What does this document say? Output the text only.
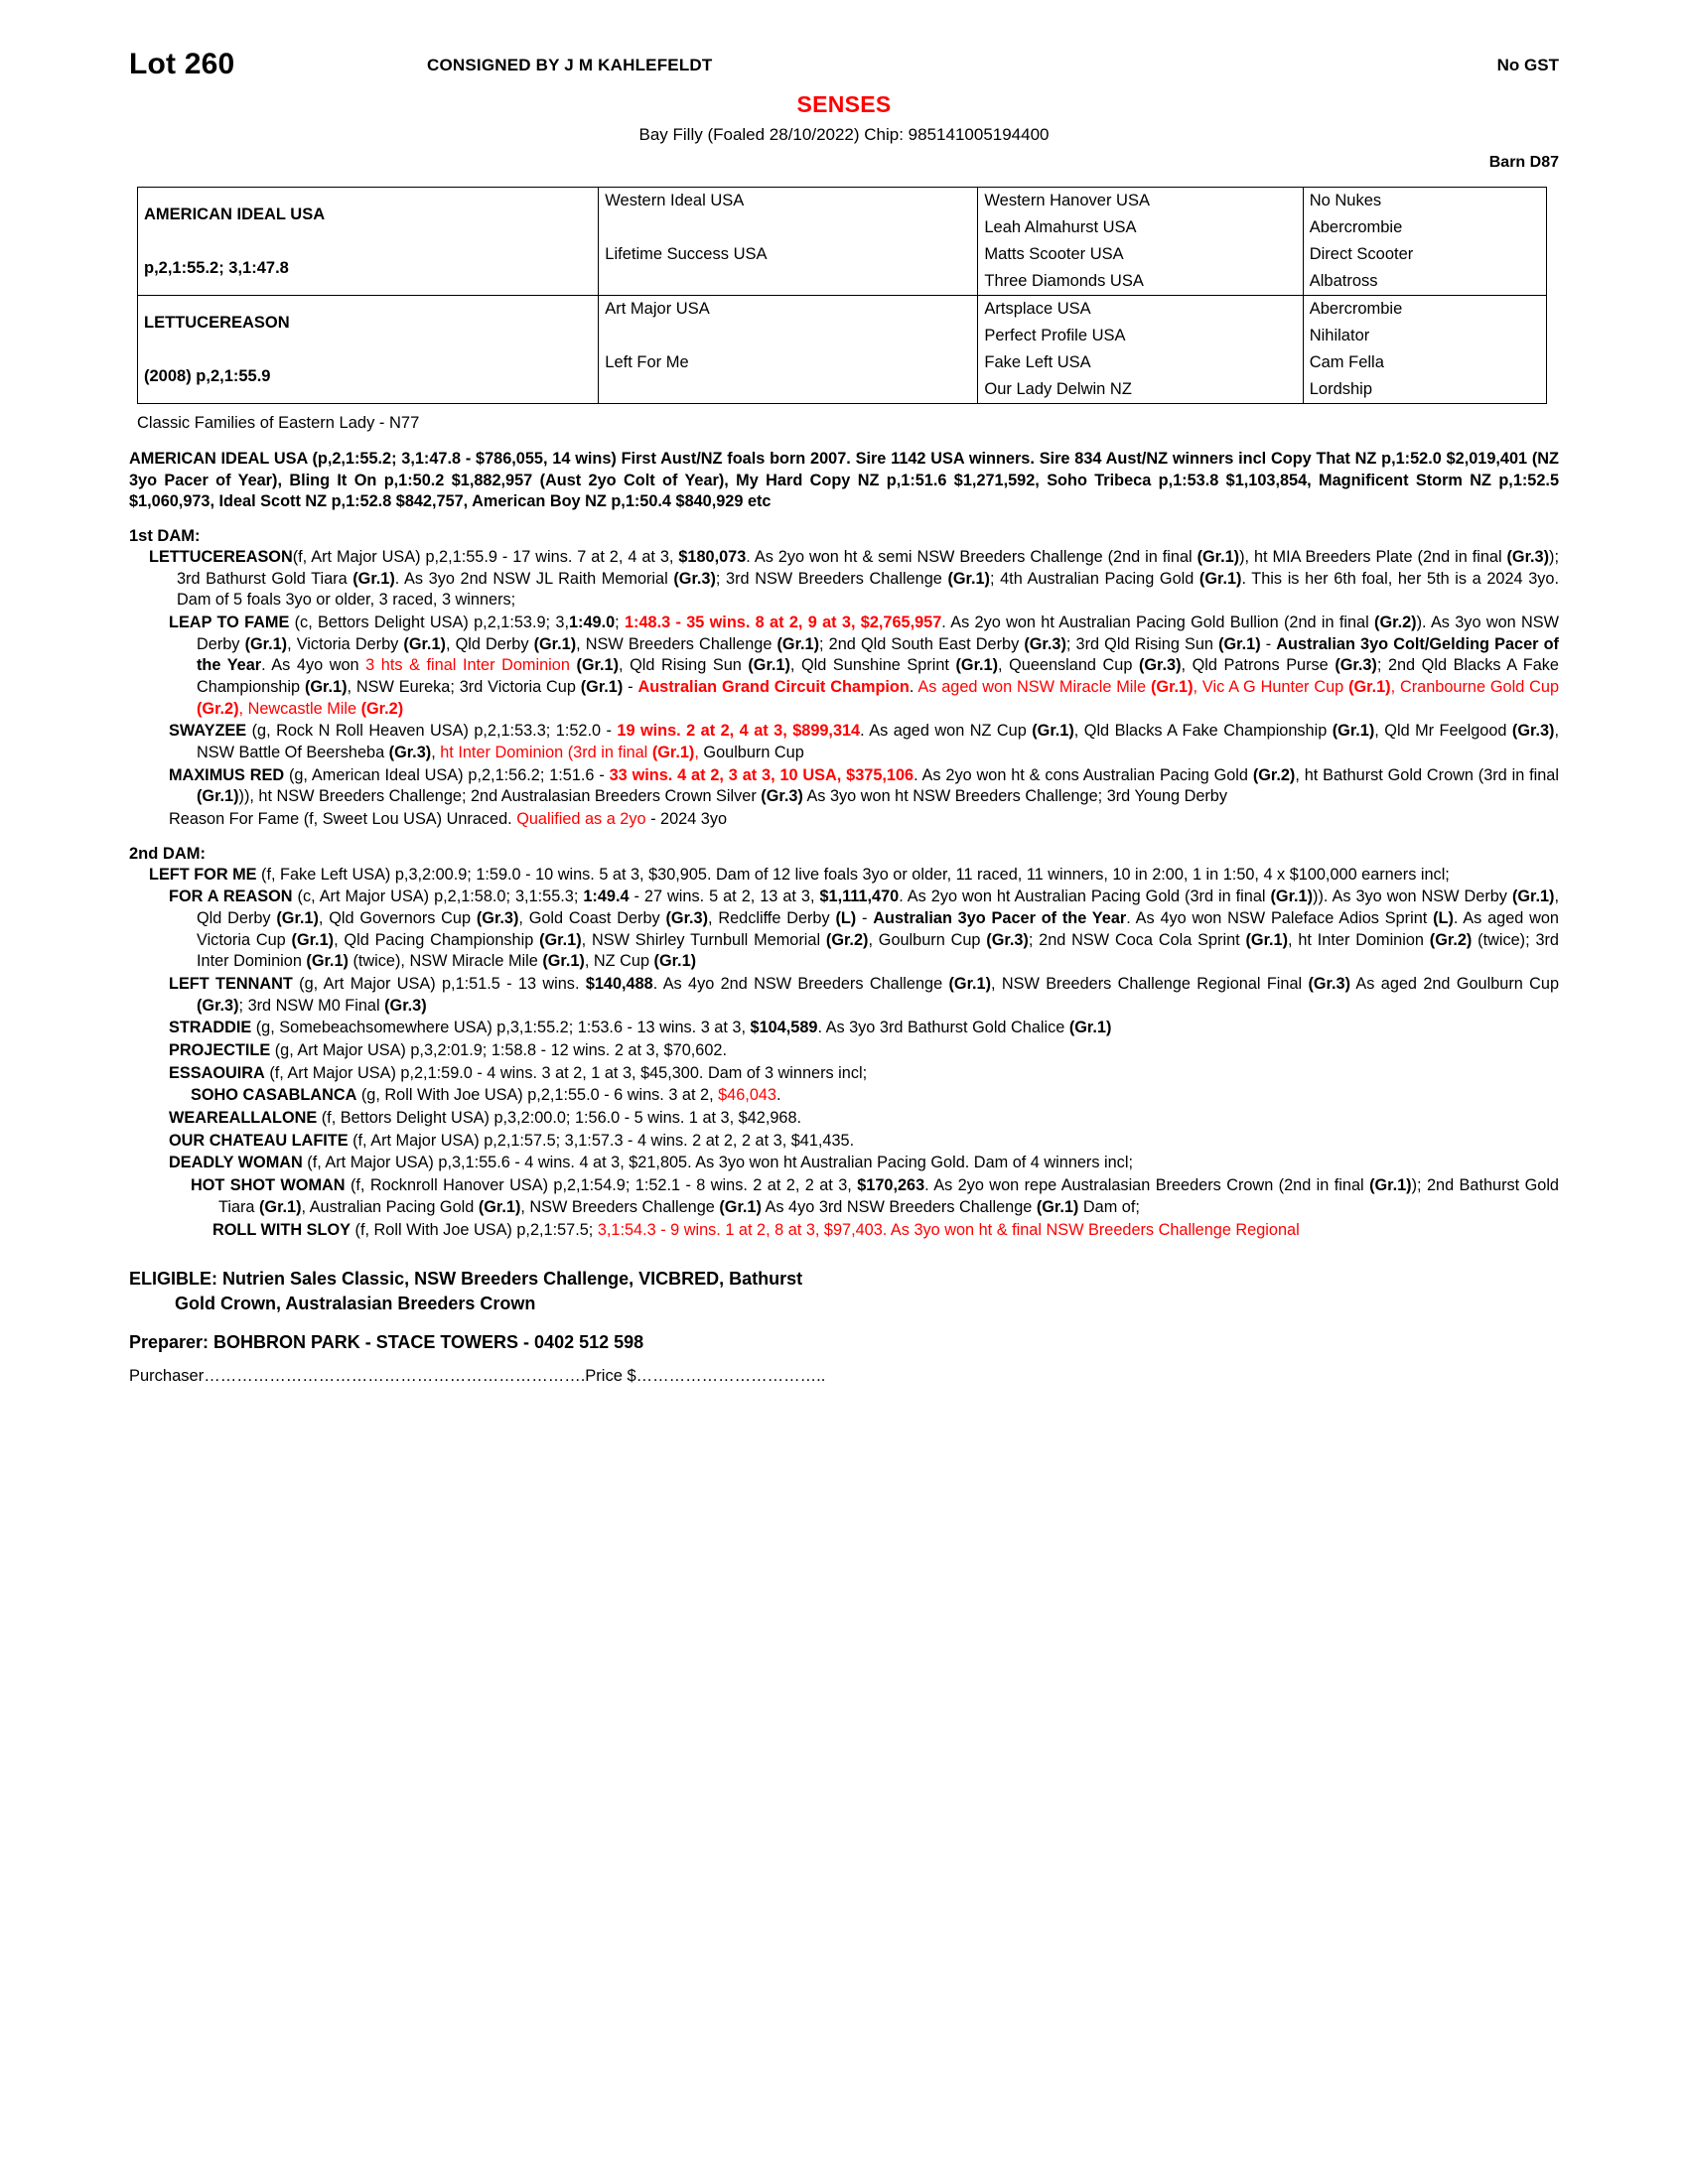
Lot 260	CONSIGNED BY J M KAHLEFELDT	No GST
SENSES
Bay Filly (Foaled 28/10/2022) Chip: 985141005194400
Barn D87
AMERICAN IDEAL USA	Western Ideal USA	Western Hanover USA	No Nukes
		Leah Almahurst USA	Abercrombie

p,2,1:55.2; 3,1:47.8	Lifetime Success USA	Matts Scooter USA	Direct Scooter
		Three Diamonds USA	Albatross

LETTUCEREASON	Art Major USA	Artsplace USA	Abercrombie
		Perfect Profile USA	Nihilator

(2008) p,2,1:55.9	Left For Me	Fake Left USA	Cam Fella
		Our Lady Delwin NZ	Lordship
Classic Families of Eastern Lady - N77
AMERICAN IDEAL USA (p,2,1:55.2; 3,1:47.8 - $786,055, 14 wins) First Aust/NZ foals born 2007. Sire 1142 USA winners. Sire 834 Aust/NZ winners incl Copy That NZ p,1:52.0 $2,019,401 (NZ 3yo Pacer of Year), Bling It On p,1:50.2 $1,882,957 (Aust 2yo Colt of Year), My Hard Copy NZ p,1:51.6 $1,271,592, Soho Tribeca p,1:53.8 $1,103,854, Magnificent Storm NZ p,1:52.5 $1,060,973, Ideal Scott NZ p,1:52.8 $842,757, American Boy NZ p,1:50.4 $840,929 etc
1st DAM:
LETTUCEREASON(f, Art Major USA) p,2,1:55.9 - 17 wins. 7 at 2, 4 at 3, $180,073. As 2yo won ht & semi NSW Breeders Challenge (2nd in final (Gr.1)), ht MIA Breeders Plate (2nd in final (Gr.3)); 3rd Bathurst Gold Tiara (Gr.1). As 3yo 2nd NSW JL Raith Memorial (Gr.3); 3rd NSW Breeders Challenge (Gr.1); 4th Australian Pacing Gold (Gr.1). This is her 6th foal, her 5th is a 2024 3yo. Dam of 5 foals 3yo or older, 3 raced, 3 winners;
LEAP TO FAME (c, Bettors Delight USA) p,2,1:53.9; 3,1:49.0; 1:48.3 - 35 wins. 8 at 2, 9 at 3, $2,765,957. As 2yo won ht Australian Pacing Gold Bullion (2nd in final (Gr.2)). As 3yo won NSW Derby (Gr.1), Victoria Derby (Gr.1), Qld Derby (Gr.1), NSW Breeders Challenge (Gr.1); 2nd Qld South East Derby (Gr.3); 3rd Qld Rising Sun (Gr.1) - Australian 3yo Colt/Gelding Pacer of the Year. As 4yo won 3 hts & final Inter Dominion (Gr.1), Qld Rising Sun (Gr.1), Qld Sunshine Sprint (Gr.1), Queensland Cup (Gr.3), Qld Patrons Purse (Gr.3); 2nd Qld Blacks A Fake Championship (Gr.1), NSW Eureka; 3rd Victoria Cup (Gr.1) - Australian Grand Circuit Champion. As aged won NSW Miracle Mile (Gr.1), Vic A G Hunter Cup (Gr.1), Cranbourne Gold Cup (Gr.2), Newcastle Mile (Gr.2)
SWAYZEE (g, Rock N Roll Heaven USA) p,2,1:53.3; 1:52.0 - 19 wins. 2 at 2, 4 at 3, $899,314. As aged won NZ Cup (Gr.1), Qld Blacks A Fake Championship (Gr.1), Qld Mr Feelgood (Gr.3), NSW Battle Of Beersheba (Gr.3), ht Inter Dominion (3rd in final (Gr.1), Goulburn Cup
MAXIMUS RED (g, American Ideal USA) p,2,1:56.2; 1:51.6 - 33 wins. 4 at 2, 3 at 3, 10 USA, $375,106. As 2yo won ht & cons Australian Pacing Gold (Gr.2), ht Bathurst Gold Crown (3rd in final (Gr.1))), ht NSW Breeders Challenge; 2nd Australasian Breeders Crown Silver (Gr.3) As 3yo won ht NSW Breeders Challenge; 3rd Young Derby
Reason For Fame (f, Sweet Lou USA) Unraced. Qualified as a 2yo - 2024 3yo
2nd DAM:
LEFT FOR ME (f, Fake Left USA) p,3,2:00.9; 1:59.0 - 10 wins. 5 at 3, $30,905. Dam of 12 live foals 3yo or older, 11 raced, 11 winners, 10 in 2:00, 1 in 1:50, 4 x $100,000 earners incl;
FOR A REASON (c, Art Major USA) p,2,1:58.0; 3,1:55.3; 1:49.4 - 27 wins. 5 at 2, 13 at 3, $1,111,470. As 2yo won ht Australian Pacing Gold (3rd in final (Gr.1))). As 3yo won NSW Derby (Gr.1), Qld Derby (Gr.1), Qld Governors Cup (Gr.3), Gold Coast Derby (Gr.3), Redcliffe Derby (L) - Australian 3yo Pacer of the Year. As 4yo won NSW Paleface Adios Sprint (L). As aged won Victoria Cup (Gr.1), Qld Pacing Championship (Gr.1), NSW Shirley Turnbull Memorial (Gr.2), Goulburn Cup (Gr.3); 2nd NSW Coca Cola Sprint (Gr.1), ht Inter Dominion (Gr.2) (twice); 3rd Inter Dominion (Gr.1) (twice), NSW Miracle Mile (Gr.1), NZ Cup (Gr.1)
LEFT TENNANT (g, Art Major USA) p,1:51.5 - 13 wins. $140,488. As 4yo 2nd NSW Breeders Challenge (Gr.1), NSW Breeders Challenge Regional Final (Gr.3) As aged 2nd Goulburn Cup (Gr.3); 3rd NSW M0 Final (Gr.3)
STRADDIE (g, Somebeachsomewhere USA) p,3,1:55.2; 1:53.6 - 13 wins. 3 at 3, $104,589. As 3yo 3rd Bathurst Gold Chalice (Gr.1)
PROJECTILE (g, Art Major USA) p,3,2:01.9; 1:58.8 - 12 wins. 2 at 3, $70,602.
ESSAOUIRA (f, Art Major USA) p,2,1:59.0 - 4 wins. 3 at 2, 1 at 3, $45,300. Dam of 3 winners incl;
SOHO CASABLANCA (g, Roll With Joe USA) p,2,1:55.0 - 6 wins. 3 at 2, $46,043.
WEAREALLALONE (f, Bettors Delight USA) p,3,2:00.0; 1:56.0 - 5 wins. 1 at 3, $42,968.
OUR CHATEAU LAFITE (f, Art Major USA) p,2,1:57.5; 3,1:57.3 - 4 wins. 2 at 2, 2 at 3, $41,435.
DEADLY WOMAN (f, Art Major USA) p,3,1:55.6 - 4 wins. 4 at 3, $21,805. As 3yo won ht Australian Pacing Gold. Dam of 4 winners incl;
HOT SHOT WOMAN (f, Rocknroll Hanover USA) p,2,1:54.9; 1:52.1 - 8 wins. 2 at 2, 2 at 3, $170,263. As 2yo won repe Australasian Breeders Crown (2nd in final (Gr.1)); 2nd Bathurst Gold Tiara (Gr.1), Australian Pacing Gold (Gr.1), NSW Breeders Challenge (Gr.1) As 4yo 3rd NSW Breeders Challenge (Gr.1) Dam of;
ROLL WITH SLOY (f, Roll With Joe USA) p,2,1:57.5; 3,1:54.3 - 9 wins. 1 at 2, 8 at 3, $97,403. As 3yo won ht & final NSW Breeders Challenge Regional
ELIGIBLE: Nutrien Sales Classic, NSW Breeders Challenge, VICBRED, Bathurst
Gold Crown, Australasian Breeders Crown
Preparer: BOHBRON PARK - STACE TOWERS - 0402 512 598
Purchaser…………………………………………………………….Price $……………………………..
